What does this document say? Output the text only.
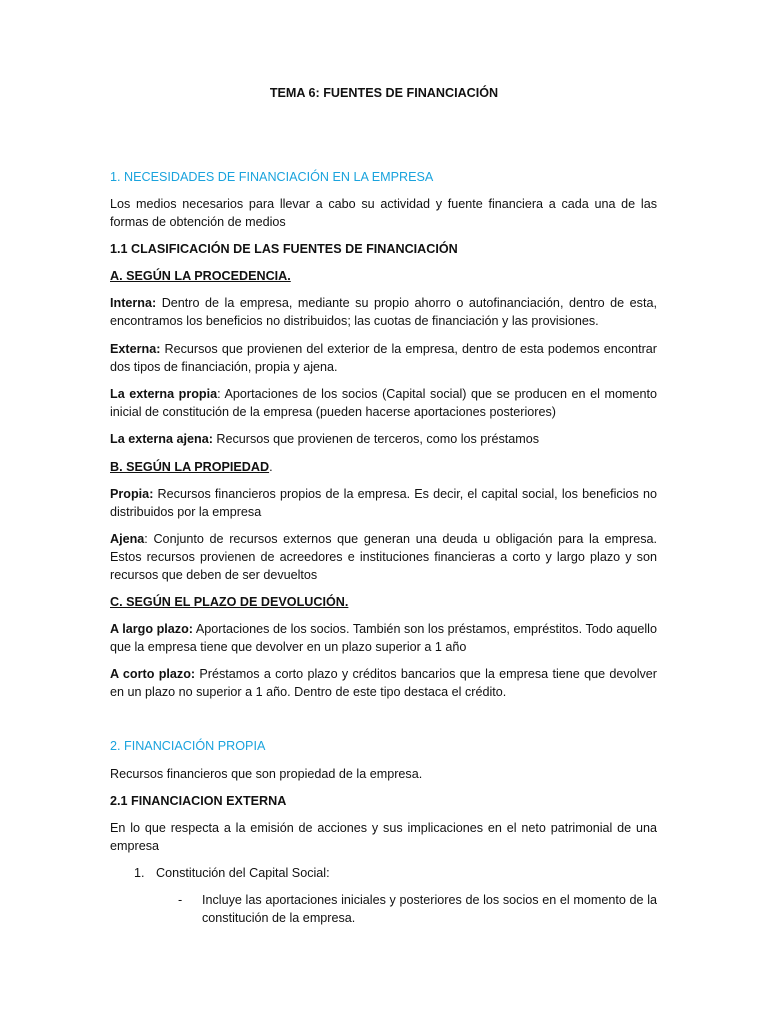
TEMA 6: FUENTES DE FINANCIACIÓN
1. NECESIDADES DE FINANCIACIÓN EN LA EMPRESA

Los medios necesarios para llevar a cabo su actividad y fuente financiera a cada una de las formas de obtención de medios

1.1 CLASIFICACIÓN DE LAS FUENTES DE FINANCIACIÓN
A. SEGÚN LA PROCEDENCIA.

Interna: Dentro de la empresa, mediante su propio ahorro o autofinanciación, dentro de esta, encontramos los beneficios no distribuidos; las cuotas de financiación y las provisiones.

Externa: Recursos que provienen del exterior de la empresa, dentro de esta podemos encontrar dos tipos de financiación, propia y ajena.

La externa propia: Aportaciones de los socios (Capital social) que se producen en el momento inicial de constitución de la empresa (pueden hacerse aportaciones posteriores)

La externa ajena: Recursos que provienen de terceros, como los préstamos

B. SEGÚN LA PROPIEDAD.

Propia: Recursos financieros propios de la empresa. Es decir, el capital social, los beneficios no distribuidos por la empresa

Ajena: Conjunto de recursos externos que generan una deuda u obligación para la empresa. Estos recursos provienen de acreedores e instituciones financieras a corto y largo plazo y son recursos que deben de ser devueltos

C. SEGÚN EL PLAZO DE DEVOLUCIÓN.

A largo plazo: Aportaciones de los socios. También son los préstamos, empréstitos. Todo aquello que la empresa tiene que devolver en un plazo superior a 1 año

A corto plazo: Préstamos a corto plazo y créditos bancarios que la empresa tiene que devolver en un plazo no superior a 1 año. Dentro de este tipo destaca el crédito.

2. FINANCIACIÓN PROPIA

Recursos financieros que son propiedad de la empresa.

2.1 FINANCIACION EXTERNA

En lo que respecta a la emisión de acciones y sus implicaciones en el neto patrimonial de una empresa

1. Constitución del Capital Social:
- Incluye las aportaciones iniciales y posteriores de los socios en el momento de la constitución de la empresa.
